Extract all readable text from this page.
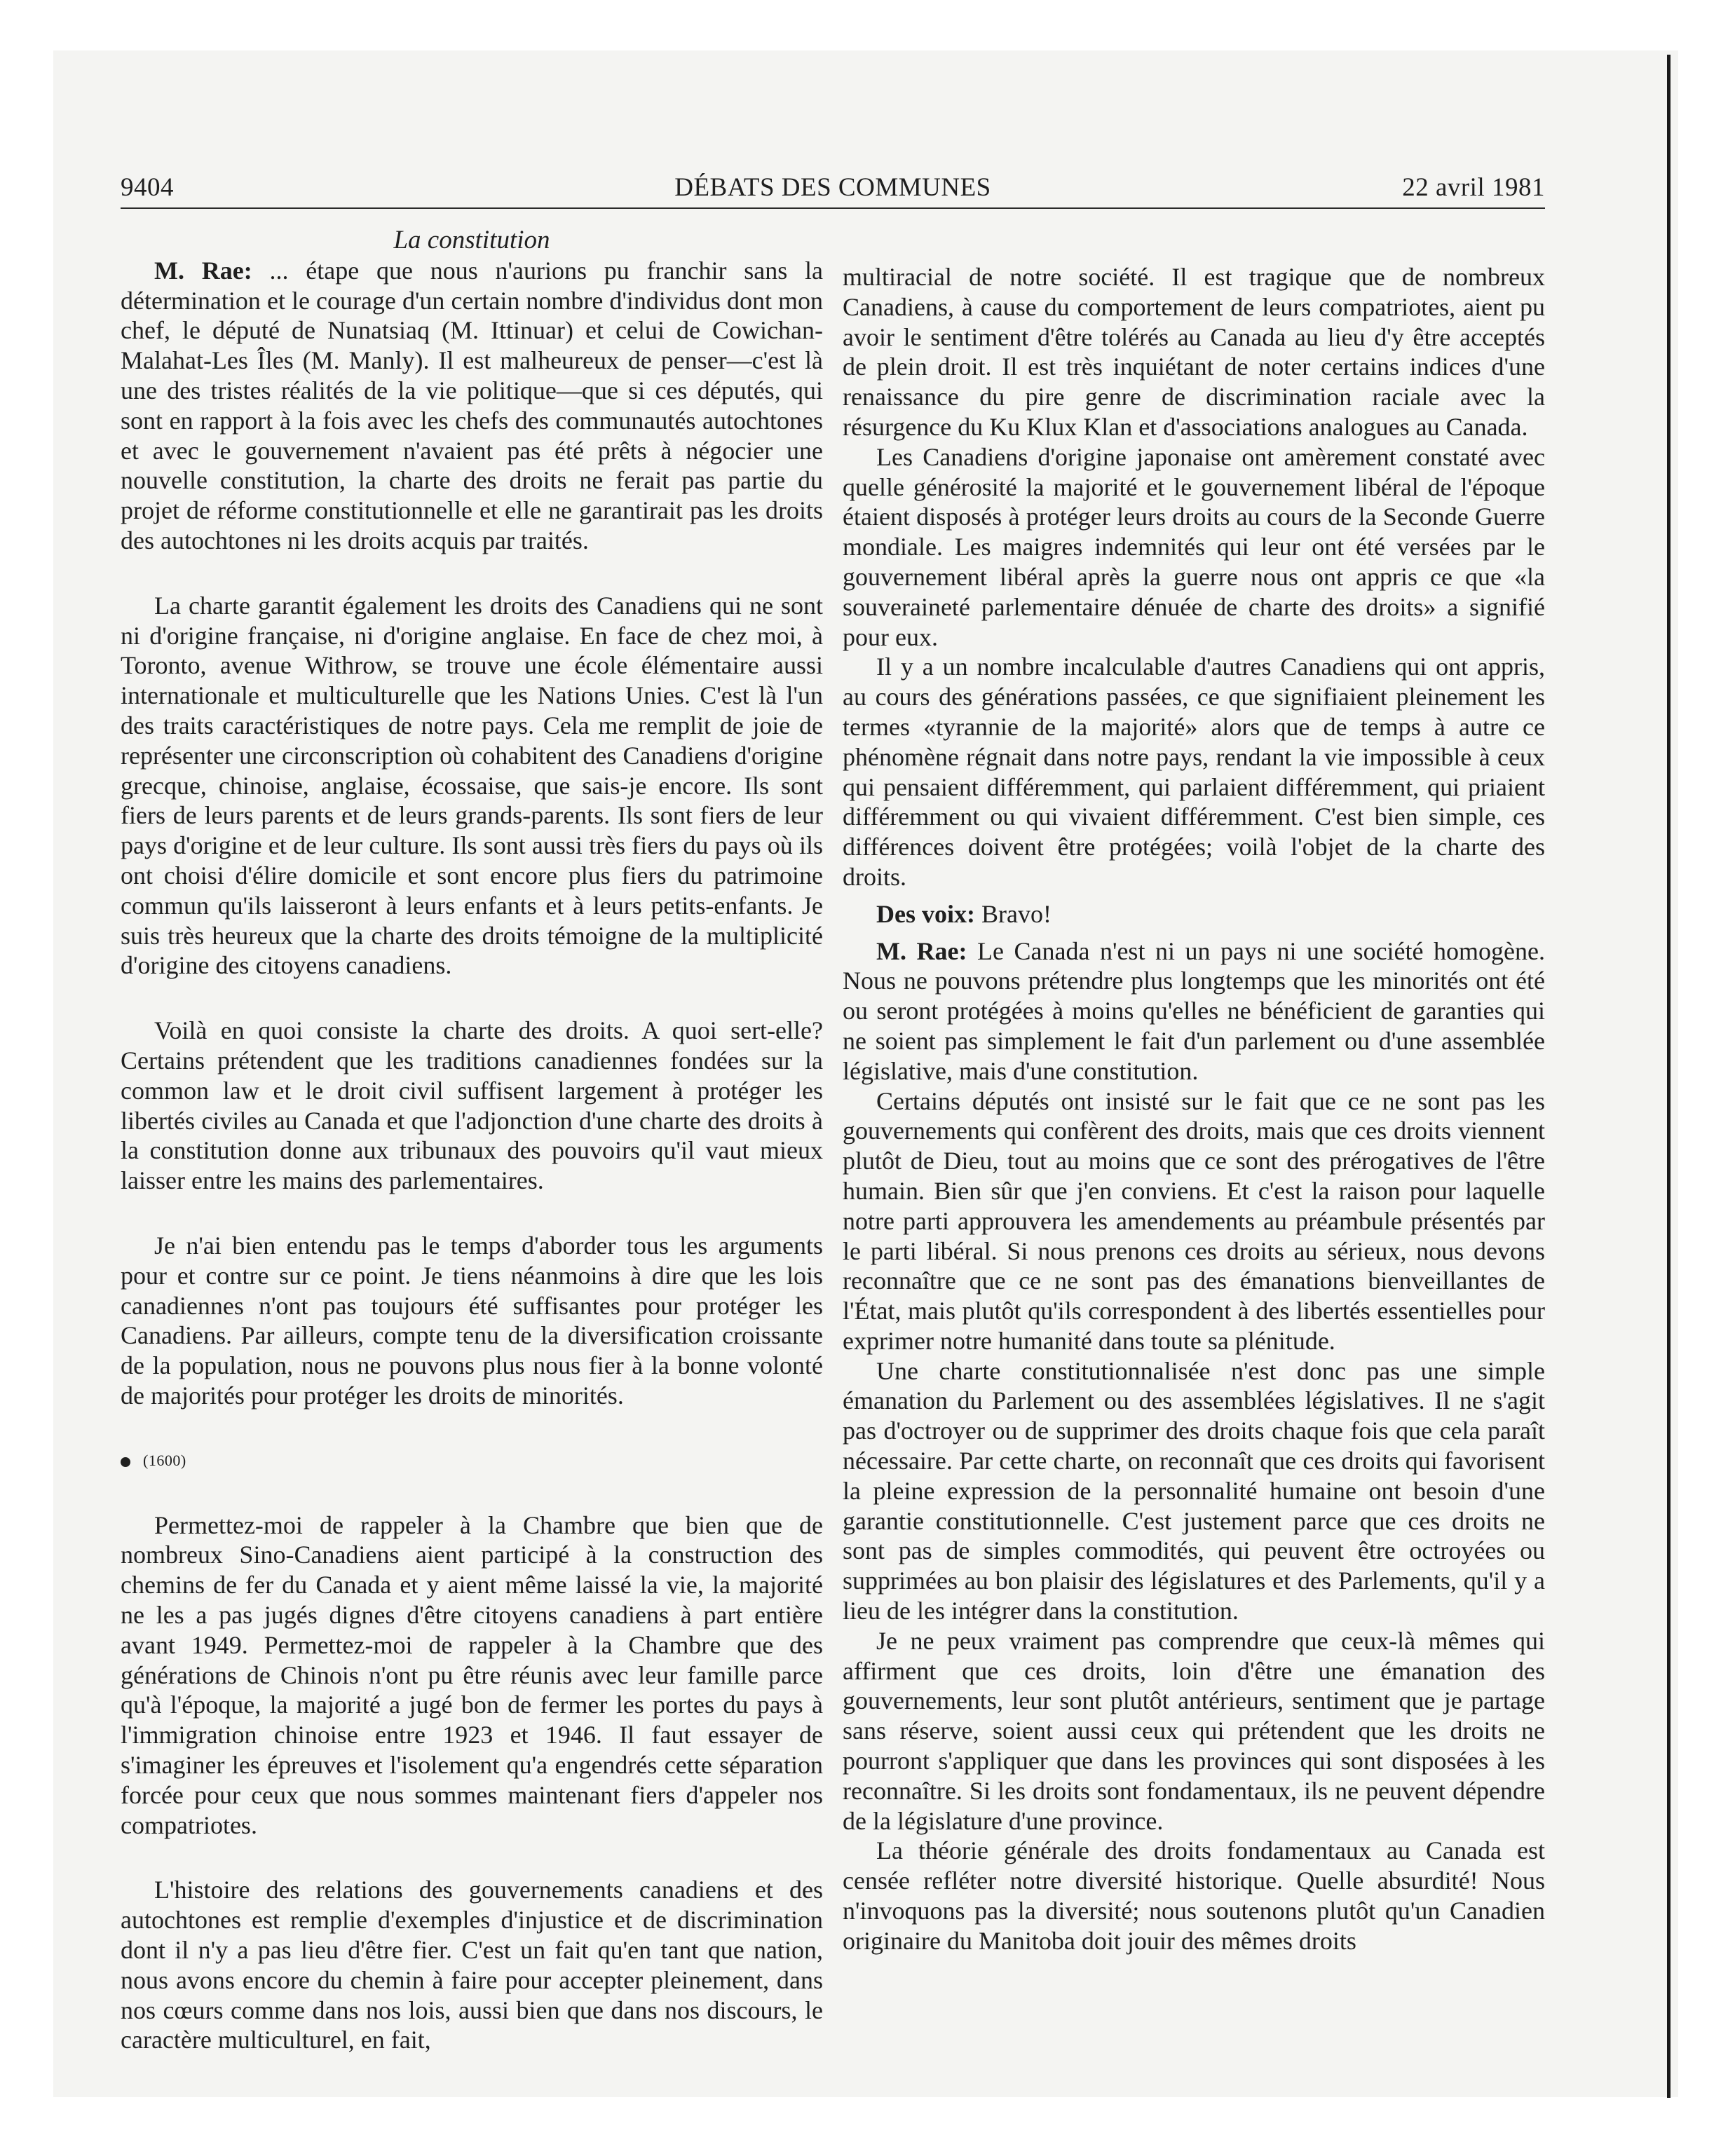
9404	DÉBATS DES COMMUNES	22 avril 1981

La constitution

M. Rae: ... étape que nous n'aurions pu franchir sans la détermination et le courage d'un certain nombre d'individus dont mon chef, le député de Nunatsiaq (M. Ittinuar) et celui de Cowichan-Malahat-Les Îles (M. Manly). Il est malheureux de penser—c'est là une des tristes réalités de la vie politique—que si ces députés, qui sont en rapport à la fois avec les chefs des communautés autochtones et avec le gouvernement n'avaient pas été prêts à négocier une nouvelle constitution, la charte des droits ne ferait pas partie du projet de réforme constitutionnelle et elle ne garantirait pas les droits des autochtones ni les droits acquis par traités.

La charte garantit également les droits des Canadiens qui ne sont ni d'origine française, ni d'origine anglaise. En face de chez moi, à Toronto, avenue Withrow, se trouve une école élémentaire aussi internationale et multiculturelle que les Nations Unies. C'est là l'un des traits caractéristiques de notre pays. Cela me remplit de joie de représenter une circonscription où cohabitent des Canadiens d'origine grecque, chinoise, anglaise, écossaise, que sais-je encore. Ils sont fiers de leurs parents et de leurs grands-parents. Ils sont fiers de leur pays d'origine et de leur culture. Ils sont aussi très fiers du pays où ils ont choisi d'élire domicile et sont encore plus fiers du patrimoine commun qu'ils laisseront à leurs enfants et à leurs petits-enfants. Je suis très heureux que la charte des droits témoigne de la multiplicité d'origine des citoyens canadiens.

Voilà en quoi consiste la charte des droits. A quoi sert-elle? Certains prétendent que les traditions canadiennes fondées sur la common law et le droit civil suffisent largement à protéger les libertés civiles au Canada et que l'adjonction d'une charte des droits à la constitution donne aux tribunaux des pouvoirs qu'il vaut mieux laisser entre les mains des parlementaires.

Je n'ai bien entendu pas le temps d'aborder tous les arguments pour et contre sur ce point. Je tiens néanmoins à dire que les lois canadiennes n'ont pas toujours été suffisantes pour protéger les Canadiens. Par ailleurs, compte tenu de la diversification croissante de la population, nous ne pouvons plus nous fier à la bonne volonté de majorités pour protéger les droits de minorités.

(1600)

Permettez-moi de rappeler à la Chambre que bien que de nombreux Sino-Canadiens aient participé à la construction des chemins de fer du Canada et y aient même laissé la vie, la majorité ne les a pas jugés dignes d'être citoyens canadiens à part entière avant 1949. Permettez-moi de rappeler à la Chambre que des générations de Chinois n'ont pu être réunis avec leur famille parce qu'à l'époque, la majorité a jugé bon de fermer les portes du pays à l'immigration chinoise entre 1923 et 1946. Il faut essayer de s'imaginer les épreuves et l'isolement qu'a engendrés cette séparation forcée pour ceux que nous sommes maintenant fiers d'appeler nos compatriotes.

L'histoire des relations des gouvernements canadiens et des autochtones est remplie d'exemples d'injustice et de discrimination dont il n'y a pas lieu d'être fier. C'est un fait qu'en tant que nation, nous avons encore du chemin à faire pour accepter pleinement, dans nos cœurs comme dans nos lois, aussi bien que dans nos discours, le caractère multiculturel, en fait,

multiracial de notre société. Il est tragique que de nombreux Canadiens, à cause du comportement de leurs compatriotes, aient pu avoir le sentiment d'être tolérés au Canada au lieu d'y être acceptés de plein droit. Il est très inquiétant de noter certains indices d'une renaissance du pire genre de discrimination raciale avec la résurgence du Ku Klux Klan et d'associations analogues au Canada.

Les Canadiens d'origine japonaise ont amèrement constaté avec quelle générosité la majorité et le gouvernement libéral de l'époque étaient disposés à protéger leurs droits au cours de la Seconde Guerre mondiale. Les maigres indemnités qui leur ont été versées par le gouvernement libéral après la guerre nous ont appris ce que «la souveraineté parlementaire dénuée de charte des droits» a signifié pour eux.

Il y a un nombre incalculable d'autres Canadiens qui ont appris, au cours des générations passées, ce que signifiaient pleinement les termes «tyrannie de la majorité» alors que de temps à autre ce phénomène régnait dans notre pays, rendant la vie impossible à ceux qui pensaient différemment, qui parlaient différemment, qui priaient différemment ou qui vivaient différemment. C'est bien simple, ces différences doivent être protégées; voilà l'objet de la charte des droits.

Des voix: Bravo!

M. Rae: Le Canada n'est ni un pays ni une société homogène. Nous ne pouvons prétendre plus longtemps que les minorités ont été ou seront protégées à moins qu'elles ne bénéficient de garanties qui ne soient pas simplement le fait d'un parlement ou d'une assemblée législative, mais d'une constitution.

Certains députés ont insisté sur le fait que ce ne sont pas les gouvernements qui confèrent des droits, mais que ces droits viennent plutôt de Dieu, tout au moins que ce sont des prérogatives de l'être humain. Bien sûr que j'en conviens. Et c'est la raison pour laquelle notre parti approuvera les amendements au préambule présentés par le parti libéral. Si nous prenons ces droits au sérieux, nous devons reconnaître que ce ne sont pas des émanations bienveillantes de l'État, mais plutôt qu'ils correspondent à des libertés essentielles pour exprimer notre humanité dans toute sa plénitude.

Une charte constitutionnalisée n'est donc pas une simple émanation du Parlement ou des assemblées législatives. Il ne s'agit pas d'octroyer ou de supprimer des droits chaque fois que cela paraît nécessaire. Par cette charte, on reconnaît que ces droits qui favorisent la pleine expression de la personnalité humaine ont besoin d'une garantie constitutionnelle. C'est justement parce que ces droits ne sont pas de simples commodités, qui peuvent être octroyées ou supprimées au bon plaisir des législatures et des Parlements, qu'il y a lieu de les intégrer dans la constitution.

Je ne peux vraiment pas comprendre que ceux-là mêmes qui affirment que ces droits, loin d'être une émanation des gouvernements, leur sont plutôt antérieurs, sentiment que je partage sans réserve, soient aussi ceux qui prétendent que les droits ne pourront s'appliquer que dans les provinces qui sont disposées à les reconnaître. Si les droits sont fondamentaux, ils ne peuvent dépendre de la législature d'une province.

La théorie générale des droits fondamentaux au Canada est censée refléter notre diversité historique. Quelle absurdité! Nous n'invoquons pas la diversité; nous soutenons plutôt qu'un Canadien originaire du Manitoba doit jouir des mêmes droits
